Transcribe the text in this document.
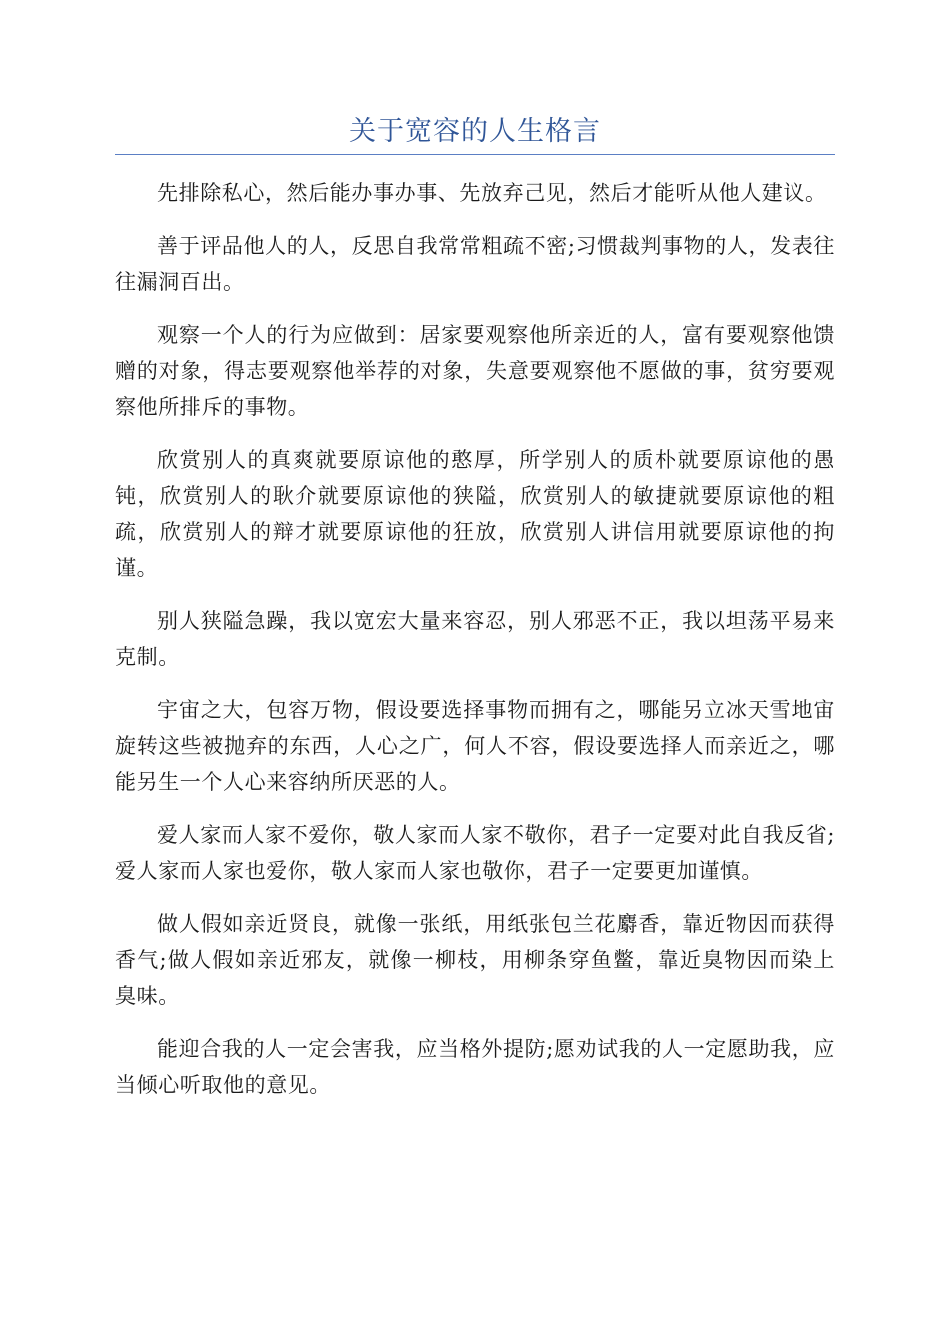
关于宽容的人生格言

先排除私心，然后能办事办事、先放弃己见，然后才能听从他人建议。

善于评品他人的人，反思自我常常粗疏不密;习惯裁判事物的人，发表往往漏洞百出。

观察一个人的行为应做到：居家要观察他所亲近的人，富有要观察他馈赠的对象，得志要观察他举荐的对象，失意要观察他不愿做的事，贫穷要观察他所排斥的事物。

欣赏别人的真爽就要原谅他的憨厚，所学别人的质朴就要原谅他的愚钝，欣赏别人的耿介就要原谅他的狭隘，欣赏别人的敏捷就要原谅他的粗疏，欣赏别人的辩才就要原谅他的狂放，欣赏别人讲信用就要原谅他的拘谨。

别人狭隘急躁，我以宽宏大量来容忍，别人邪恶不正，我以坦荡平易来克制。

宇宙之大，包容万物，假设要选择事物而拥有之，哪能另立冰天雪地宙旋转这些被抛弃的东西，人心之广，何人不容，假设要选择人而亲近之，哪能另生一个人心来容纳所厌恶的人。

爱人家而人家不爱你，敬人家而人家不敬你，君子一定要对此自我反省;爱人家而人家也爱你，敬人家而人家也敬你，君子一定要更加谨慎。

做人假如亲近贤良，就像一张纸，用纸张包兰花麝香，靠近物因而获得香气;做人假如亲近邪友，就像一柳枝，用柳条穿鱼鳖，靠近臭物因而染上臭味。

能迎合我的人一定会害我，应当格外提防;愿劝试我的人一定愿助我，应当倾心听取他的意见。
